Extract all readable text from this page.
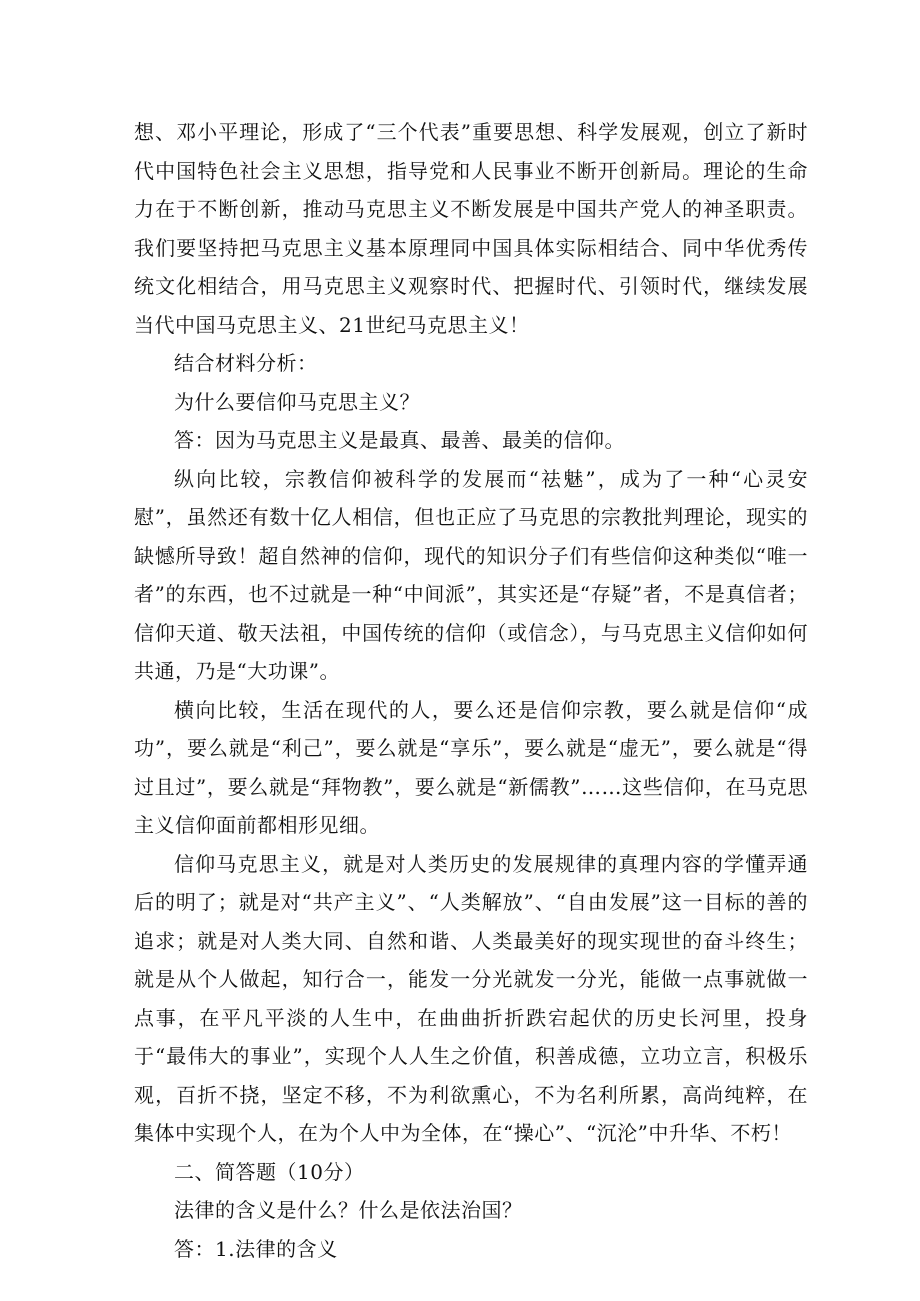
想、邓小平理论，形成了“三个代表”重要思想、科学发展观，创立了新时代中国特色社会主义思想，指导党和人民事业不断开创新局。理论的生命力在于不断创新，推动马克思主义不断发展是中国共产党人的神圣职责。我们要坚持把马克思主义基本原理同中国具体实际相结合、同中华优秀传统文化相结合，用马克思主义观察时代、把握时代、引领时代，继续发展当代中国马克思主义、21世纪马克思主义！

结合材料分析：

为什么要信仰马克思主义？

答：因为马克思主义是最真、最善、最美的信仰。

纵向比较，宗教信仰被科学的发展而“祛魅”，成为了一种“心灵安慰”，虽然还有数十亿人相信，但也正应了马克思的宗教批判理论，现实的缺憾所导致！超自然神的信仰，现代的知识分子们有些信仰这种类似“唯一者”的东西，也不过就是一种“中间派”，其实还是“存疑”者，不是真信者；信仰天道、敬天法祖，中国传统的信仰（或信念），与马克思主义信仰如何共通，乃是“大功课”。

横向比较，生活在现代的人，要么还是信仰宗教，要么就是信仰“成功”，要么就是“利己”，要么就是“享乐”，要么就是“虚无”，要么就是“得过且过”，要么就是“拜物教”，要么就是“新儒教”……这些信仰，在马克思主义信仰面前都相形见细。

信仰马克思主义，就是对人类历史的发展规律的真理内容的学懂弄通后的明了；就是对“共产主义”、“人类解放”、“自由发展”这一目标的善的追求；就是对人类大同、自然和谐、人类最美好的现实现世的奋斗终生；就是从个人做起，知行合一，能发一分光就发一分光，能做一点事就做一点事，在平凡平淡的人生中，在曲曲折折跌宕起伏的历史长河里，投身于“最伟大的事业”，实现个人人生之价值，积善成德，立功立言，积极乐观，百折不挠，坚定不移，不为利欲熏心，不为名利所累，高尚纯粹，在集体中实现个人，在为个人中为全体，在“操心”、“沉沦”中升华、不朽！

二、简答题（10分）

法律的含义是什么？什么是依法治国？

答：1.法律的含义
